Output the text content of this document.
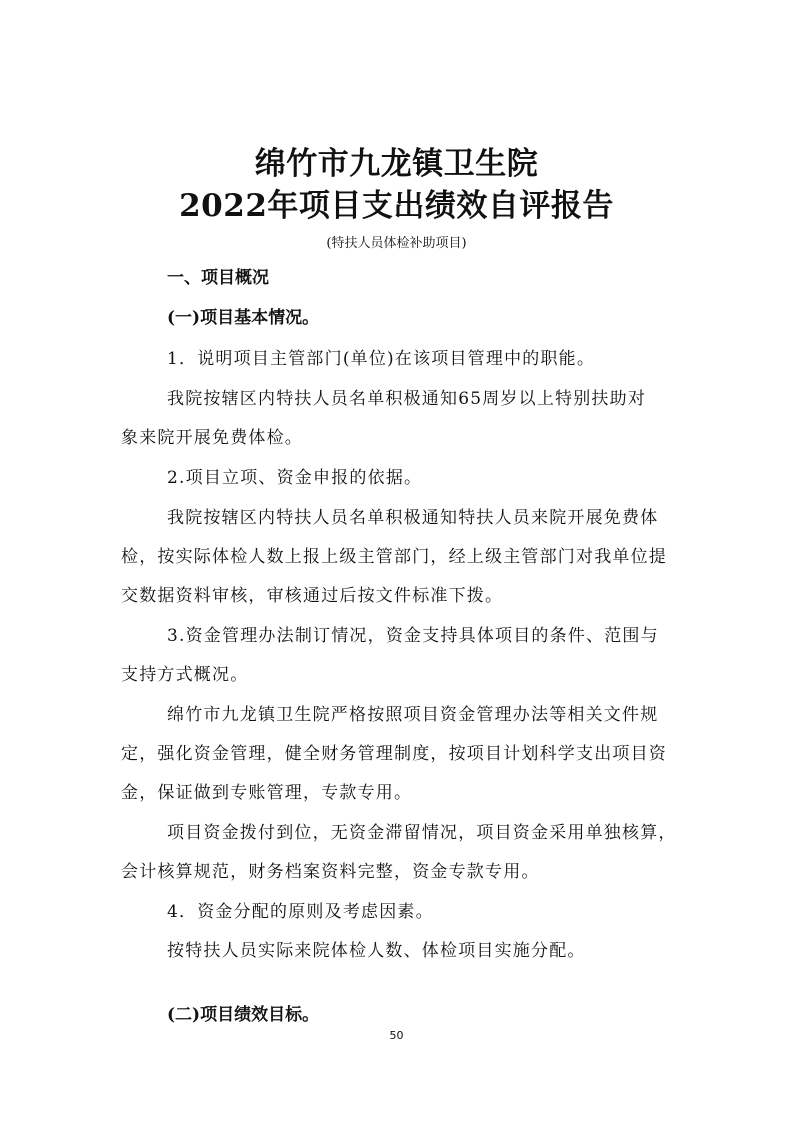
绵竹市九龙镇卫生院
2022年项目支出绩效自评报告
(特扶人员体检补助项目)
一、项目概况
(一)项目基本情况。
1．说明项目主管部门(单位)在该项目管理中的职能。
我院按辖区内特扶人员名单积极通知65周岁以上特别扶助对
象来院开展免费体检。
2.项目立项、资金申报的依据。
我院按辖区内特扶人员名单积极通知特扶人员来院开展免费体
检，按实际体检人数上报上级主管部门，经上级主管部门对我单位提
交数据资料审核，审核通过后按文件标准下拨。
3.资金管理办法制订情况，资金支持具体项目的条件、范围与
支持方式概况。
绵竹市九龙镇卫生院严格按照项目资金管理办法等相关文件规
定，强化资金管理，健全财务管理制度，按项目计划科学支出项目资
金，保证做到专账管理，专款专用。
项目资金拨付到位，无资金滞留情况，项目资金采用单独核算，
会计核算规范，财务档案资料完整，资金专款专用。
4．资金分配的原则及考虑因素。
按特扶人员实际来院体检人数、体检项目实施分配。
(二)项目绩效目标。
50
